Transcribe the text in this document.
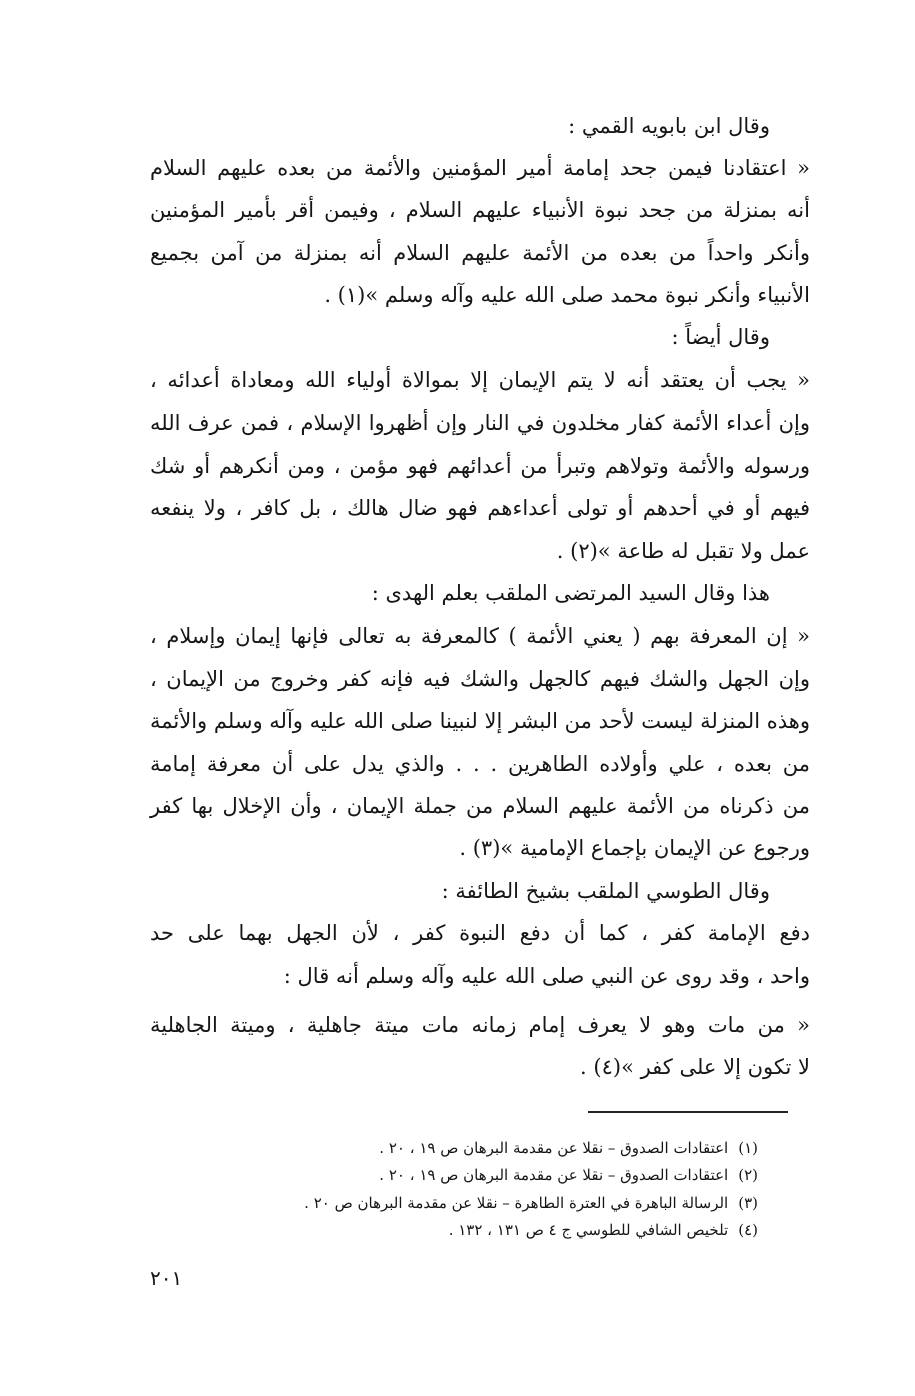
وقال ابن بابويه القمي :
« اعتقادنا فيمن جحد إمامة أمير المؤمنين والأئمة من بعده عليهم السلام
أنه بمنزلة من جحد نبوة الأنبياء عليهم السلام ، وفيمن أقر بأمير المؤمنين
وأنكر واحداً من بعده من الأئمة عليهم السلام أنه بمنزلة من آمن بجميع
الأنبياء وأنكر نبوة محمد صلى الله عليه وآله وسلم »(١) .
وقال أيضاً :
« يجب أن يعتقد أنه لا يتم الإيمان إلا بموالاة أولياء الله ومعاداة أعدائه ،
وإن أعداء الأئمة كفار مخلدون في النار وإن أظهروا الإسلام ، فمن عرف الله
ورسوله والأئمة وتولاهم وتبرأ من أعدائهم فهو مؤمن ، ومن أنكرهم أو شك
فيهم أو في أحدهم أو تولى أعداءهم فهو ضال هالك ، بل كافر ، ولا ينفعه
عمل ولا تقبل له طاعة »(٢) .
هذا وقال السيد المرتضى الملقب بعلم الهدى :
« إن المعرفة بهم ( يعني الأئمة ) كالمعرفة به تعالى فإنها إيمان وإسلام ،
وإن الجهل والشك فيهم كالجهل والشك فيه فإنه كفر وخروج من الإيمان ،
وهذه المنزلة ليست لأحد من البشر إلا لنبينا صلى الله عليه وآله وسلم والأئمة
من بعده ، علي وأولاده الطاهرين . . . والذي يدل على أن معرفة إمامة
من ذكرناه من الأئمة عليهم السلام من جملة الإيمان ، وأن الإخلال بها كفر
ورجوع عن الإيمان بإجماع الإمامية »(٣) .
وقال الطوسي الملقب بشيخ الطائفة :
دفع الإمامة كفر ، كما أن دفع النبوة كفر ، لأن الجهل بهما على حد
واحد ، وقد روى عن النبي صلى الله عليه وآله وسلم أنه قال :
« من مات وهو لا يعرف إمام زمانه مات ميتة جاهلية ، وميتة الجاهلية
لا تكون إلا على كفر »(٤) .
(١)اعتقادات الصدوق – نقلا عن مقدمة البرهان ص ١٩ ، ٢٠ .
(٢)اعتقادات الصدوق – نقلا عن مقدمة البرهان ص ١٩ ، ٢٠ .
(٣)الرسالة الباهرة في العترة الطاهرة – نقلا عن مقدمة البرهان ص ٢٠ .
(٤)تلخيص الشافي للطوسي ج ٤ ص ١٣١ ، ١٣٢ .
٢٠١
